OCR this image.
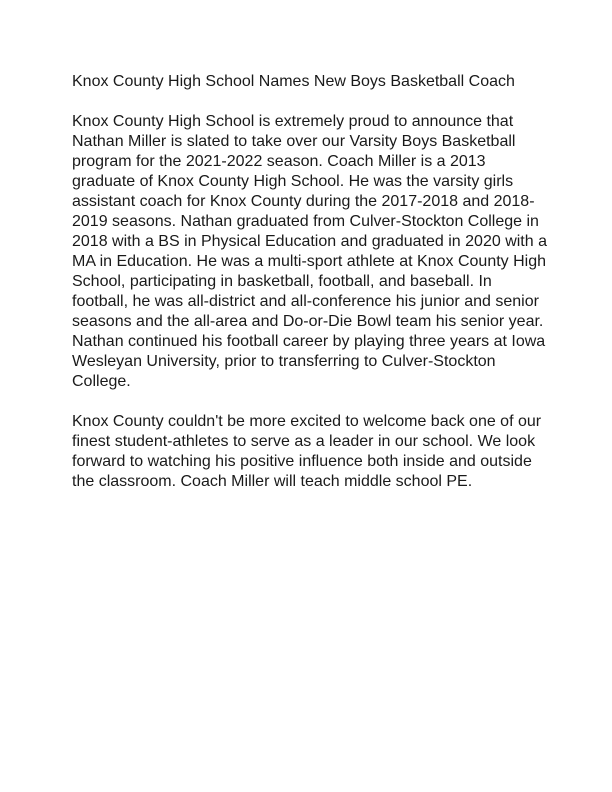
Knox County High School Names New Boys Basketball Coach

Knox County High School is extremely proud to announce that Nathan Miller is slated to take over our Varsity Boys Basketball program for the 2021-2022 season. Coach Miller is a 2013 graduate of Knox County High School. He was the varsity girls assistant coach for Knox County during the 2017-2018 and 2018-2019 seasons. Nathan graduated from Culver-Stockton College in 2018 with a BS in Physical Education and graduated in 2020 with a MA in Education. He was a multi-sport athlete at Knox County High School, participating in basketball, football, and baseball. In football, he was all-district and all-conference his junior and senior seasons and the all-area and Do-or-Die Bowl team his senior year. Nathan continued his football career by playing three years at Iowa Wesleyan University, prior to transferring to Culver-Stockton College.

Knox County couldn't be more excited to welcome back one of our finest student-athletes to serve as a leader in our school. We look forward to watching his positive influence both inside and outside the classroom. Coach Miller will teach middle school PE.
